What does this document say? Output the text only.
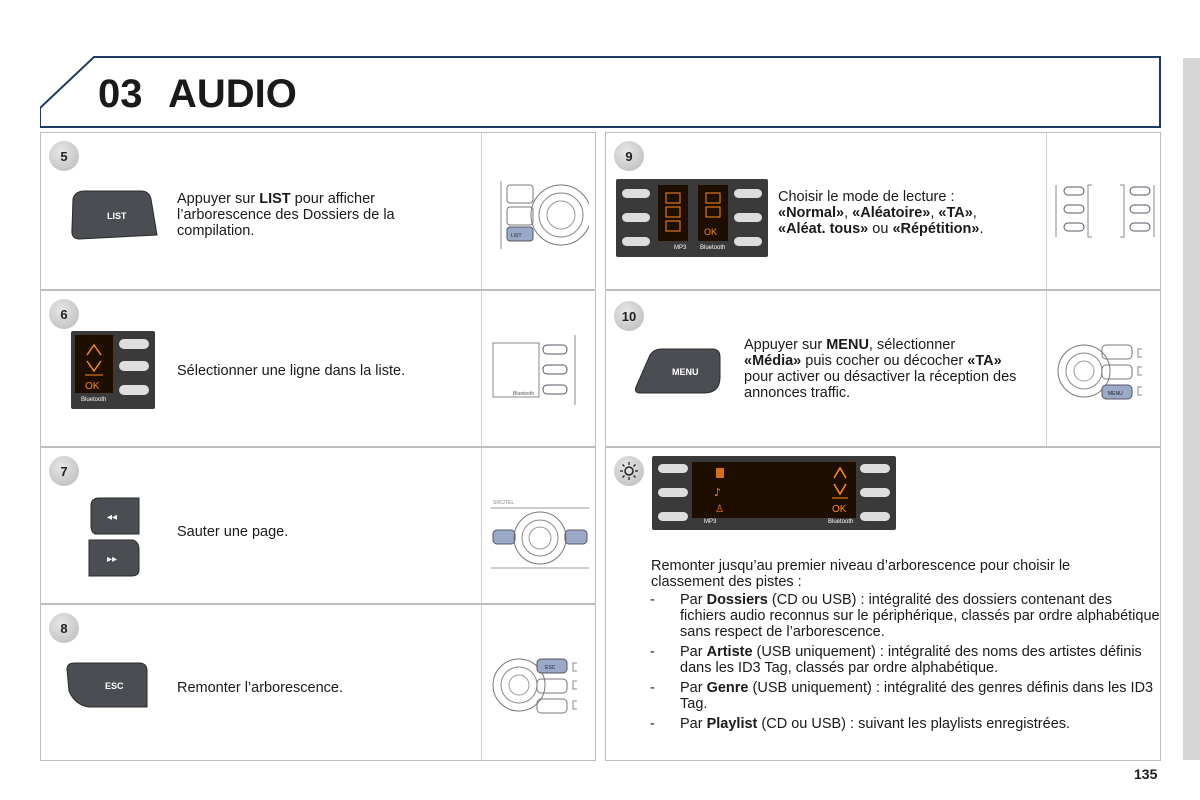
03 AUDIO
5
LIST
Appuyer sur LIST pour afficher l’arborescence des Dossiers de la compilation.	LIST
6
OK
Bluetooth
Sélectionner une ligne dans la liste.
Bluetooth
7
◂◂
▸▸
Sauter une page.
SRC/TEL
8
ESC	Remonter l’arborescence.
ESC
9
OK
MP3 Bluetooth
Choisir le mode de lecture :
«Normal», «Aléatoire», «TA»,
«Aléat. tous» ou «Répétition».
10
MENU
Appuyer sur MENU, sélectionner
«Média» puis cocher ou décocher «TA»
pour activer ou désactiver la réception des annonces traffic.	MENU
♪
♙	OK
MP3	Bluetooth
Remonter jusqu’au premier niveau d’arborescence pour choisir le classement des pistes :
- Par Dossiers (CD ou USB) : intégralité des dossiers contenant des fichiers audio reconnus sur le périphérique, classés par ordre alphabétique sans respect de l’arborescence.
- Par Artiste (USB uniquement) : intégralité des noms des artistes définis dans les ID3 Tag, classés par ordre alphabétique.
- Par Genre (USB uniquement) : intégralité des genres définis dans les ID3 Tag.
- Par Playlist (CD ou USB) : suivant les playlists enregistrées.
135
